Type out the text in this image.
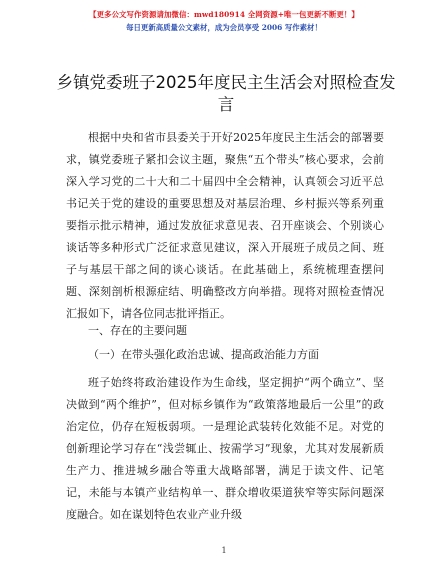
【更多公文写作资源请加微信：mwd180914 全网资源+唯一包更新不断更！】
每日更新高质量公文素材，成为会员享受 2006 写作素材！
乡镇党委班子2025年度民主生活会对照检查发言

根据中央和省市县委关于开好2025年度民主生活会的部署要求，镇党委班子紧扣会议主题，聚焦“五个带头”核心要求，会前深入学习党的二十大和二十届四中全会精神，认真领会习近平总书记关于党的建设的重要思想及对基层治理、乡村振兴等系列重要指示批示精神，通过发放征求意见表、召开座谈会、个别谈心谈话等多种形式广泛征求意见建议，深入开展班子成员之间、班子与基层干部之间的谈心谈话。在此基础上，系统梳理查摆问题、深刻剖析根源症结、明确整改方向举措。现将对照检查情况汇报如下，请各位同志批评指正。

一、存在的主要问题

（一）在带头强化政治忠诚、提高政治能力方面

班子始终将政治建设作为生命线，坚定拥护“两个确立”、坚决做到“两个维护”，但对标乡镇作为“政策落地最后一公里”的政治定位，仍存在短板弱项。一是理论武装转化效能不足。对党的创新理论学习存在“浅尝辄止、按需学习”现象，尤其对发展新质生产力、推进城乡融合等重大战略部署，满足于读文件、记笔记，未能与本镇产业结构单一、群众增收渠道狭窄等实际问题深度融合。如在谋划特色农业产业升级

1
